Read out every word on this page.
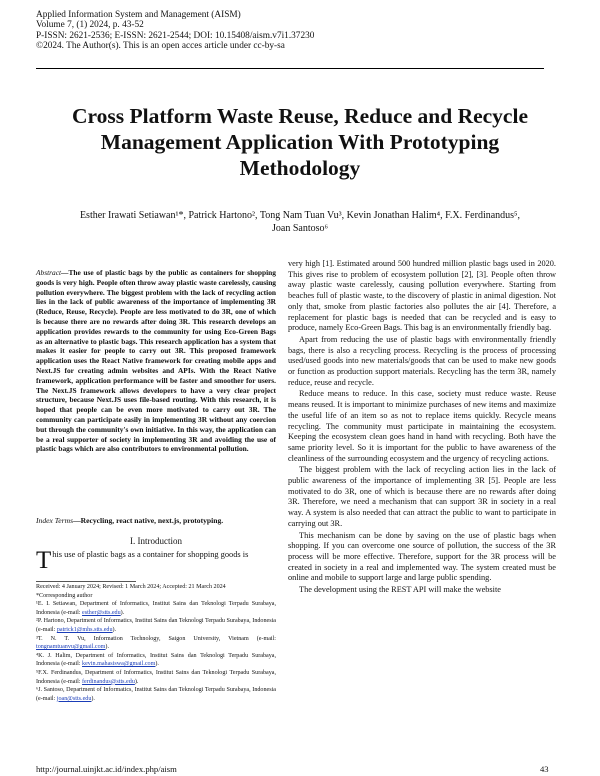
Applied Information System and Management (AISM)
Volume 7, (1) 2024, p. 43-52
P-ISSN: 2621-2536; E-ISSN: 2621-2544; DOI: 10.15408/aism.v7i1.37230
©2024. The Author(s). This is an open acces article under cc-by-sa
Cross Platform Waste Reuse, Reduce and Recycle Management Application With Prototyping Methodology
Esther Irawati Setiawan¹*, Patrick Hartono², Tong Nam Tuan Vu³, Kevin Jonathan Halim⁴, F.X. Ferdinandus⁵, Joan Santoso⁶
Abstract—The use of plastic bags by the public as containers for shopping goods is very high. People often throw away plastic waste carelessly, causing pollution everywhere. The biggest problem with the lack of recycling action lies in the lack of public awareness of the importance of implementing 3R (Reduce, Reuse, Recycle). People are less motivated to do 3R, one of which is because there are no rewards after doing 3R. This research develops an application provides rewards to the community for using Eco-Green Bags as an alternative to plastic bags. This research application has a system that makes it easier for people to carry out 3R. This proposed framework application uses the React Native framework for creating mobile apps and Next.JS for creating admin websites and APIs. With the React Native framework, application performance will be faster and smoother for users. The Next.JS framework allows developers to have a very clear project structure, because Next.JS uses file-based routing. With this research, it is hoped that people can be even more motivated to carry out 3R. The community can participate easily in implementing 3R without any coercion but through the community's own initiative. In this way, the application can be a real supporter of society in implementing 3R and avoiding the use of plastic bags which are also contributors to environmental pollution.
Index Terms—Recycling, react native, next.js, prototyping.
I. Introduction
This use of plastic bags as a container for shopping goods is

Received: 4 January 2024; Revised: 1 March 2024; Accepted: 21 March 2024

*Corresponding author

¹E. I. Setiawan, Department of Informatics, Institut Sains dan Teknologi Terpadu Surabaya, Indonesia (e-mail: esther@stts.edu).

²P. Hartono, Department of Informatics, Institut Sains dan Teknologi Terpadu Surabaya, Indonesia (e-mail: patrick1@mhs.stts.edu).

³T. N. T. Vu, Information Technology, Saigon University, Vietnam (e-mail: tongnamtuanvu@gmail.com).

⁴K. J. Halim, Department of Informatics, Institut Sains dan Teknologi Terpadu Surabaya, Indonesia (e-mail: kevin.mahasiswa@gmail.com).

⁵F.X. Ferdinandus, Department of Informatics, Institut Sains dan Teknologi Terpadu Surabaya, Indonesia (e-mail: ferdinandus@stts.edu).

⁶J. Santoso, Department of Informatics, Institut Sains dan Teknologi Terpadu Surabaya, Indonesia (e-mail: joan@stts.edu).

very high [1]. Estimated around 500 hundred million plastic bags used in 2020. This gives rise to problem of ecosystem pollution [2], [3]. People often throw away plastic waste carelessly, causing pollution everywhere. Starting from beaches full of plastic waste, to the discovery of plastic in animal digestion. Not only that, smoke from plastic factories also pollutes the air [4]. Therefore, a replacement for plastic bags is needed that can be recycled and is easy to produce, namely Eco-Green Bags. This bag is an environmentally friendly bag.

Apart from reducing the use of plastic bags with environmentally friendly bags, there is also a recycling process. Recycling is the process of processing used/used goods into new materials/goods that can be used to make new goods or function as production support materials. Recycling has the term 3R, namely reduce, reuse and recycle.

Reduce means to reduce. In this case, society must reduce waste. Reuse means reused. It is important to minimize purchases of new items and maximize the useful life of an item so as not to replace items quickly. Recycle means recycling. The community must participate in maintaining the ecosystem. Keeping the ecosystem clean goes hand in hand with recycling. Both have the same priority level. So it is important for the public to have awareness of the cleanliness of the surrounding ecosystem and the urgency of recycling actions.

The biggest problem with the lack of recycling action lies in the lack of public awareness of the importance of implementing 3R [5]. People are less motivated to do 3R, one of which is because there are no rewards after doing 3R. Therefore, we need a mechanism that can support 3R in society in a real way. A system is also needed that can attract the public to want to participate in carrying out 3R.

This mechanism can be done by saving on the use of plastic bags when shopping. If you can overcome one source of pollution, the success of the 3R process will be more effective. Therefore, support for the 3R process will be created in society in a real and implemented way. The system created must be online and mobile to support large and large public spending.

The development using the REST API will make the website

http://journal.uinjkt.ac.id/index.php/aism	43
